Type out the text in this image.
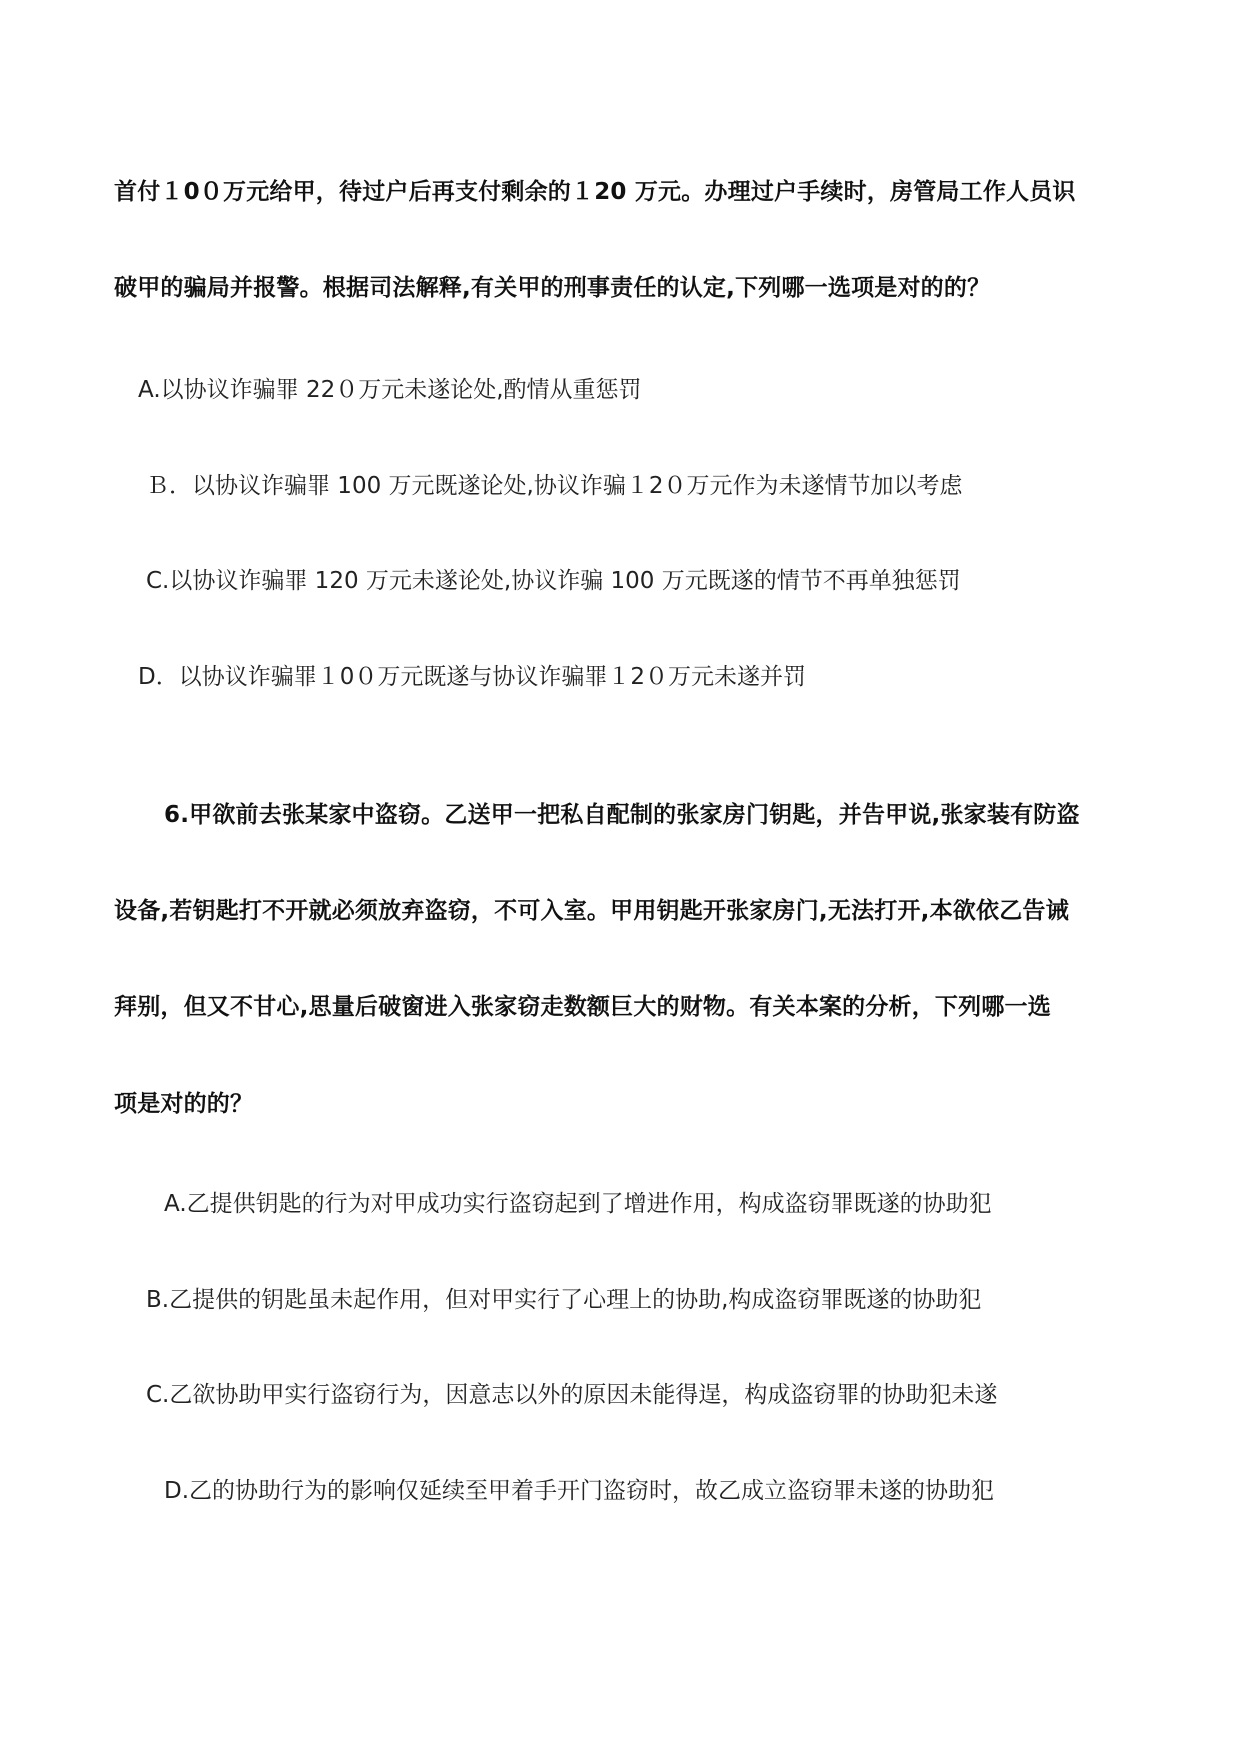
首付１0０万元给甲，待过户后再支付剩余的１20 万元。办理过户手续时，房管局工作人员识
破甲的骗局并报警。根据司法解释,有关甲的刑事责任的认定,下列哪一选项是对的的？
A.以协议诈骗罪 22０万元未遂论处,酌情从重惩罚
Ｂ．以协议诈骗罪 100 万元既遂论处,协议诈骗１2０万元作为未遂情节加以考虑
C.以协议诈骗罪 120 万元未遂论处,协议诈骗 100 万元既遂的情节不再单独惩罚
D．以协议诈骗罪１0０万元既遂与协议诈骗罪１2０万元未遂并罚
6.甲欲前去张某家中盗窃。乙送甲一把私自配制的张家房门钥匙，并告甲说,张家装有防盗
设备,若钥匙打不开就必须放弃盗窃，不可入室。甲用钥匙开张家房门,无法打开,本欲依乙告诫
拜别，但又不甘心,思量后破窗进入张家窃走数额巨大的财物。有关本案的分析，下列哪一选
项是对的的？
A.乙提供钥匙的行为对甲成功实行盗窃起到了增进作用，构成盗窃罪既遂的协助犯
B.乙提供的钥匙虽未起作用，但对甲实行了心理上的协助,构成盗窃罪既遂的协助犯
C.乙欲协助甲实行盗窃行为，因意志以外的原因未能得逞，构成盗窃罪的协助犯未遂
D.乙的协助行为的影响仅延续至甲着手开门盗窃时，故乙成立盗窃罪未遂的协助犯
